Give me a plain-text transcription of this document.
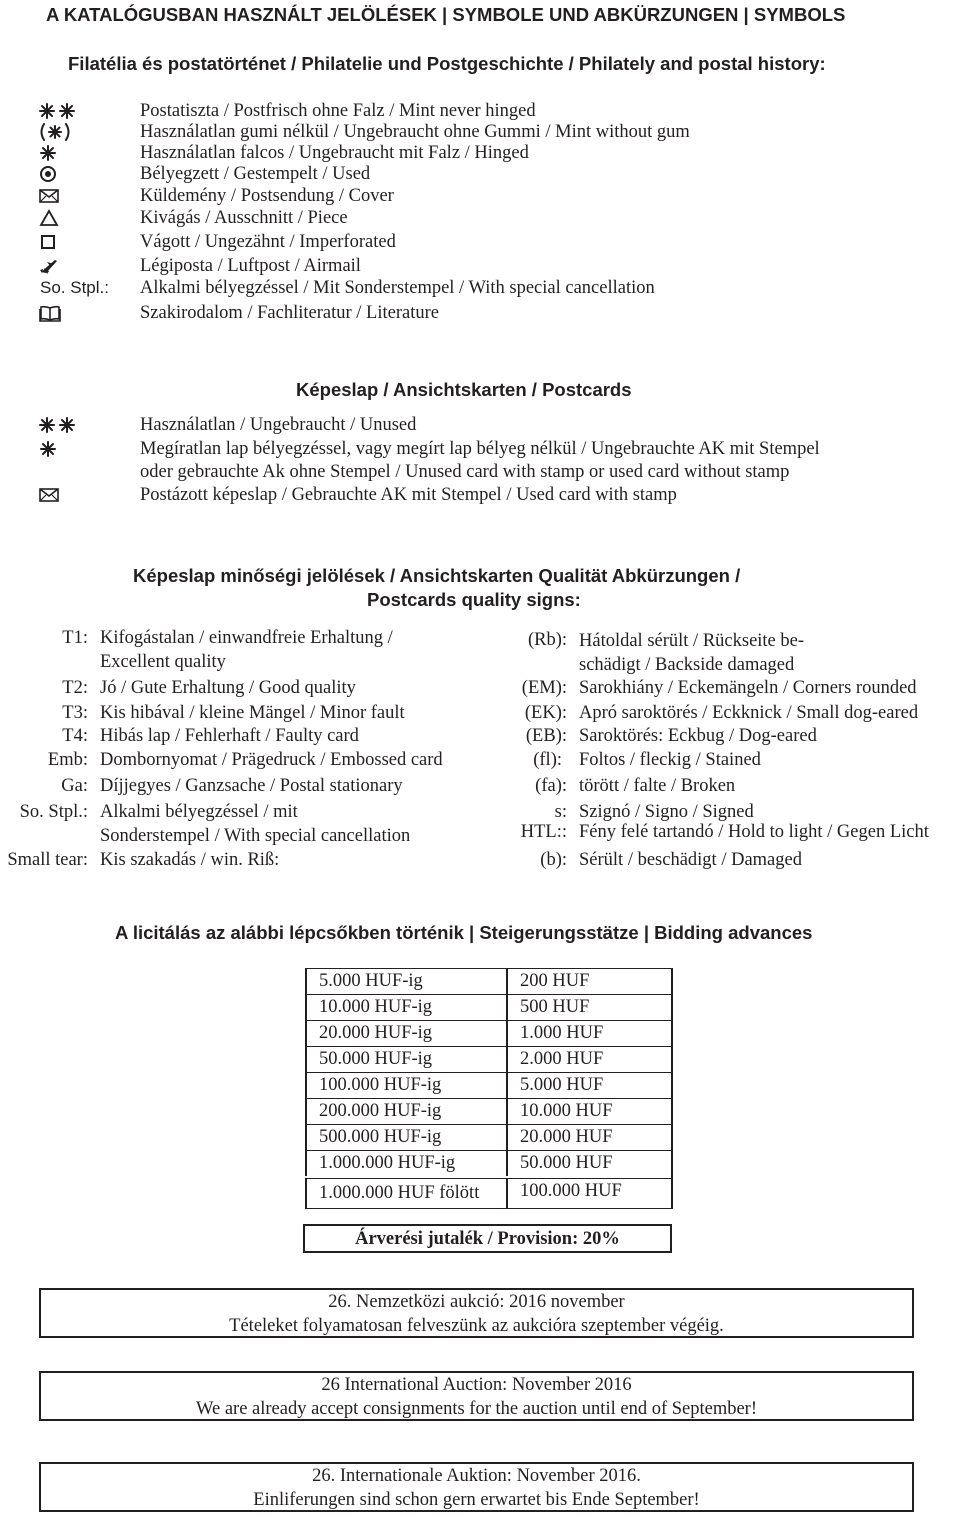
A KATALÓGUSBAN HASZNÁLT JELÖLÉSEK | SYMBOLE UND ABKÜRZUNGEN | SYMBOLS
Filatélia és postatörténet / Philatelie und Postgeschichte / Philately and postal history:
Postatiszta / Postfrisch ohne Falz / Mint never hinged
Használatlan gumi nélkül / Ungebraucht ohne Gummi / Mint without gum
Használatlan falcos / Ungebraucht mit Falz / Hinged
Bélyegzett / Gestempelt / Used
Küldemény / Postsendung / Cover
Kivágás / Ausschnitt / Piece
Vágott / Ungezähnt / Imperforated
Légiposta / Luftpost / Airmail
So. Stpl.: Alkalmi bélyegzéssel / Mit Sonderstempel / With special cancellation
Szakirodalom / Fachliteratur / Literature
Képeslap / Ansichtskarten / Postcards
Használatlan / Ungebraucht / Unused
Megíratlan lap bélyegzéssel, vagy megírt lap bélyeg nélkül / Ungebrauchte AK mit Stempel
oder gebrauchte Ak ohne Stempel / Unused card with stamp or used card without stamp
Postázott képeslap / Gebrauchte AK mit Stempel / Used card with stamp
Képeslap minőségi jelölések / Ansichtskarten Qualität Abkürzungen /
Postcards quality signs:
T1: Kifogástalan / einwandfreie Erhaltung /
Excellent quality
T2: Jó / Gute Erhaltung / Good quality
T3: Kis hibával / kleine Mängel / Minor fault
T4: Hibás lap / Fehlerhaft / Faulty card
Emb: Dombornyomat / Prägedruck / Embossed card
Ga: Díjjegyes / Ganzsache / Postal stationary
So. Stpl.: Alkalmi bélyegzéssel / mit
Sonderstempel / With special cancellation
Small tear: Kis szakadás / win. Riß:
(Rb): Hátoldal sérült / Rückseite be-
schädigt / Backside damaged
(EM): Sarokhiány / Eckemängeln / Corners rounded
(EK): Apró saroktörés / Eckknick / Small dog-eared
(EB): Saroktörés: Eckbug / Dog-eared
(fl): Foltos / fleckig / Stained
(fa): törött / falte / Broken
s: Szignó / Signo / Signed
HTL:: Fény felé tartandó / Hold to light / Gegen Licht
(b): Sérült / beschädigt / Damaged
A licitálás az alábbi lépcsőkben történik | Steigerungsstätze | Bidding advances
5.000 HUF-ig	200 HUF
10.000 HUF-ig	500 HUF
20.000 HUF-ig	1.000 HUF
50.000 HUF-ig	2.000 HUF
100.000 HUF-ig	5.000 HUF
200.000 HUF-ig	10.000 HUF
500.000 HUF-ig	20.000 HUF
1.000.000 HUF-ig	50.000 HUF
1.000.000 HUF fölött 100.000 HUF
Árverési jutalék / Provision: 20%
26. Nemzetközi aukció: 2016 november
Tételeket folyamatosan felveszünk az aukcióra szeptember végéig.
26 International Auction: November 2016
We are already accept consignments for the auction until end of September!
26. Internationale Auktion: November 2016.
Einliferungen sind schon gern erwartet bis Ende September!
